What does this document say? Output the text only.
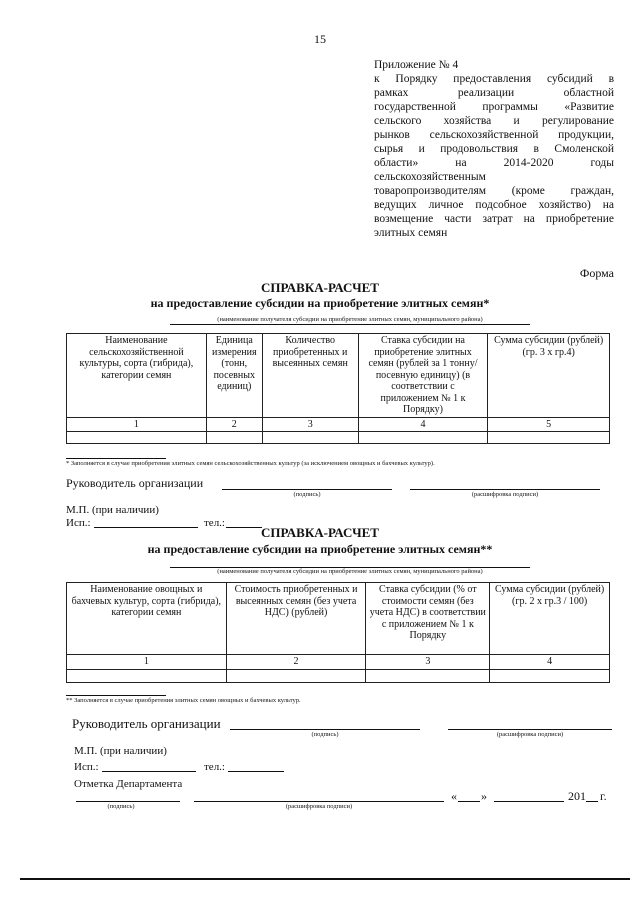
15

Приложение № 4

к Порядку предоставления субсидий в

рамках реализации областной

государственной программы «Развитие

сельского хозяйства и регулирование

рынков сельскохозяйственной продукции,

сырья и продовольствия в Смоленской

области» на 2014-2020 годы

сельскохозяйственным

товаропроизводителям (кроме граждан,

ведущих личное подсобное хозяйство) на

возмещение части затрат на приобретение

элитных семян

Форма
СПРАВКА-РАСЧЕТ
на предоставление субсидии на приобретение элитных семян*
(наименование получателя субсидии на приобретение элитных семян, муниципального района)
Наименование сельскохозяйственной культуры, сорта (гибрида), категории семян	Единица измерения (тонн, посевных единиц)	Количество приобретенных и высеянных семян	Ставка субсидии на приобретение элитных семян (рублей за 1 тонну/посевную единицу) (в соответствии с приложением № 1 к Порядку)	Сумма субсидии (рублей) (гр. 3 х гр.4)
1	2	3	4	5

* Заполняется в случае приобретения элитных семян сельскохозяйственных культур (за исключением овощных и бахчевых культур).
Руководитель организации
(подпись)	(расшифровка подписи)
М.П. (при наличии)
Исп.:	тел.:
СПРАВКА-РАСЧЕТ
на предоставление субсидии на приобретение элитных семян**
(наименование получателя субсидии на приобретение элитных семян, муниципального района)
Наименование овощных и бахчевых культур, сорта (гибрида), категории семян	Стоимость приобретенных и высеянных семян (без учета НДС) (рублей)	Ставка субсидии (% от стоимости семян (без учета НДС) в соответствии с приложением № 1 к Порядку	Сумма субсидии (рублей) (гр. 2 х гр.3 / 100)
1	2	3	4

** Заполняется в случае приобретения элитных семян овощных и бахчевых культур.
Руководитель организации
(подпись)	(расшифровка подписи)
М.П. (при наличии)
Исп.:	тел.:
Отметка Департамента
(подпись)	(расшифровка подписи)
« »	201 г.
